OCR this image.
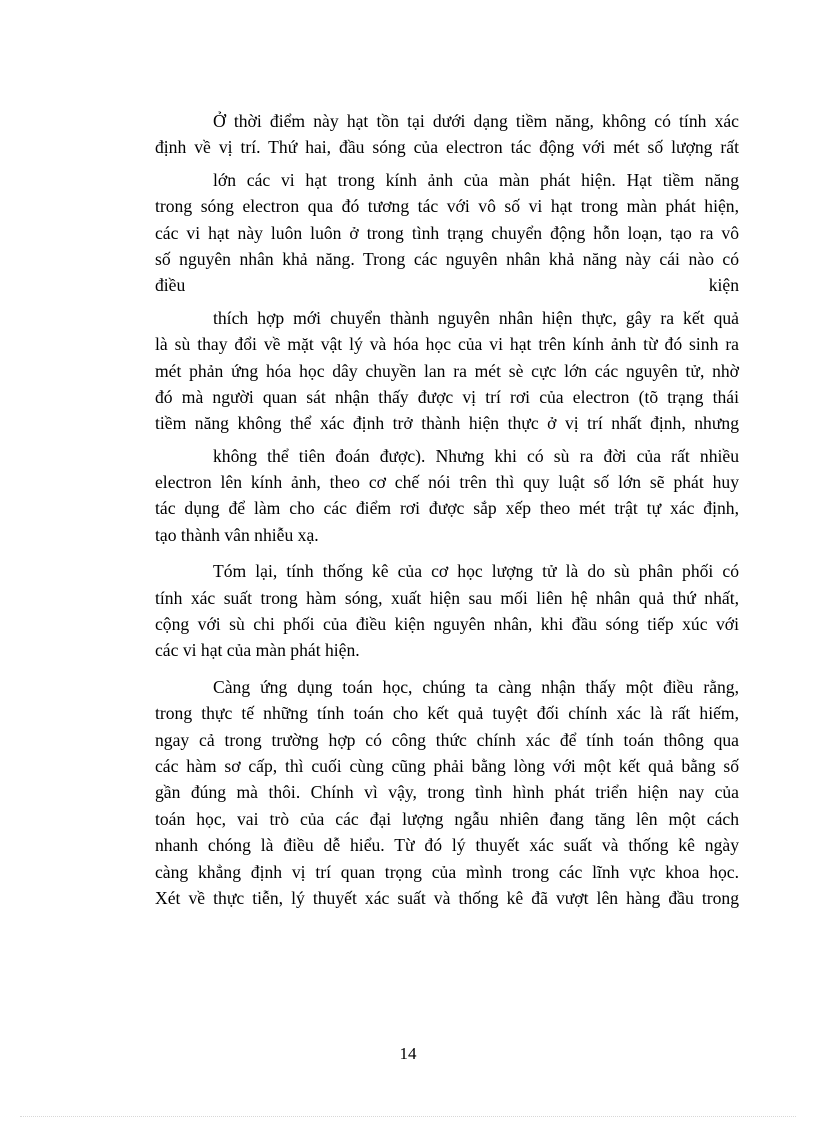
Ở thời điểm này hạt tồn tại dưới dạng tiềm năng, không có tính xác
định về vị trí. Thứ hai, đầu sóng của electron tác động với mét số lượng rất
lớn các vi hạt trong kính ảnh của màn phát hiện. Hạt tiềm năng
trong sóng electron qua đó tương tác với vô số vi hạt trong màn phát hiện,
các vi hạt này luôn luôn ở trong tình trạng chuyển động hỗn loạn, tạo ra vô
số nguyên nhân khả năng. Trong các nguyên nhân khả năng này cái nào có
điều	kiện
thích hợp mới chuyển thành nguyên nhân hiện thực, gây ra kết quả
là sù thay đổi về mặt vật lý và hóa học của vi hạt trên kính ảnh từ đó sinh ra
mét phản ứng hóa học dây chuyền lan ra mét sè cực lớn các nguyên tử, nhờ
đó mà người quan sát nhận thấy được vị trí rơi của electron (tõ trạng thái
tiềm năng không thể xác định trở thành hiện thực ở vị trí nhất định, nhưng
không thể tiên đoán được). Nhưng khi có sù ra đời của rất nhiều
electron lên kính ảnh, theo cơ chế nói trên thì quy luật số lớn sẽ phát huy
tác dụng để làm cho các điểm rơi được sắp xếp theo mét trật tự xác định,
tạo thành vân nhiễu xạ.
Tóm lại, tính thống kê của cơ học lượng tử là do sù phân phối có
tính xác suất trong hàm sóng, xuất hiện sau mối liên hệ nhân quả thứ nhất,
cộng với sù chi phối của điều kiện nguyên nhân, khi đầu sóng tiếp xúc với
các vi hạt của màn phát hiện.
Càng ứng dụng toán học, chúng ta càng nhận thấy một điều rằng,
trong thực tế những tính toán cho kết quả tuyệt đối chính xác là rất hiếm,
ngay cả trong trường hợp có công thức chính xác để tính toán thông qua
các hàm sơ cấp, thì cuối cùng cũng phải bằng lòng với một kết quả bằng số
gần đúng mà thôi. Chính vì vậy, trong tình hình phát triển hiện nay của
toán học, vai trò của các đại lượng ngẫu nhiên đang tăng lên một cách
nhanh chóng là điều dễ hiểu. Từ đó lý thuyết xác suất và thống kê ngày
càng khẳng định vị trí quan trọng của mình trong các lĩnh vực khoa học.
Xét về thực tiễn, lý thuyết xác suất và thống kê đã vượt lên hàng đầu trong
14
